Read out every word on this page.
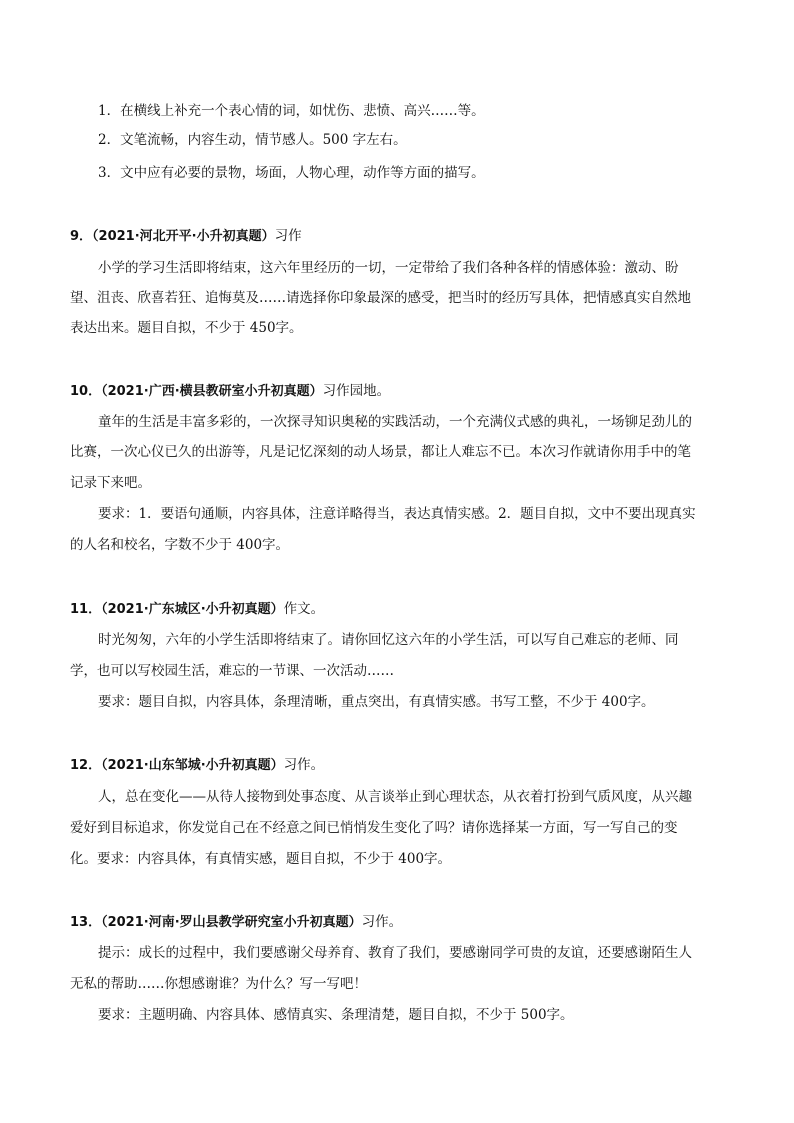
1．在横线上补充一个表心情的词，如忧伤、悲愤、高兴……等。
2．文笔流畅，内容生动，情节感人。500 字左右。
3．文中应有必要的景物，场面，人物心理，动作等方面的描写。
9．（2021·河北开平·小升初真题）习作
小学的学习生活即将结束，这六年里经历的一切，一定带给了我们各种各样的情感体验：激动、盼
望、沮丧、欣喜若狂、追悔莫及……请选择你印象最深的感受，把当时的经历写具体，把情感真实自然地
表达出来。题目自拟，不少于 450字。
10．（2021·广西·横县教研室小升初真题）习作园地。
童年的生活是丰富多彩的，一次探寻知识奥秘的实践活动，一个充满仪式感的典礼，一场铆足劲儿的
比赛，一次心仪已久的出游等，凡是记忆深刻的动人场景，都让人难忘不已。本次习作就请你用手中的笔
记录下来吧。
要求：1．要语句通顺，内容具体，注意详略得当，表达真情实感。2．题目自拟，文中不要出现真实
的人名和校名，字数不少于 400字。
11．（2021·广东城区·小升初真题）作文。
时光匆匆，六年的小学生活即将结束了。请你回忆这六年的小学生活，可以写自己难忘的老师、同
学，也可以写校园生活，难忘的一节课、一次活动……
要求：题目自拟，内容具体，条理清晰，重点突出，有真情实感。书写工整，不少于 400字。
12．（2021·山东邹城·小升初真题）习作。
人，总在变化——从待人接物到处事态度、从言谈举止到心理状态，从衣着打扮到气质风度，从兴趣
爱好到目标追求，你发觉自己在不经意之间已悄悄发生变化了吗？请你选择某一方面，写一写自己的变
化。要求：内容具体，有真情实感，题目自拟，不少于 400字。
13．（2021·河南·罗山县教学研究室小升初真题）习作。
提示：成长的过程中，我们要感谢父母养育、教育了我们，要感谢同学可贵的友谊，还要感谢陌生人
无私的帮助……你想感谢谁？为什么？写一写吧！
要求：主题明确、内容具体、感情真实、条理清楚，题目自拟，不少于 500字。
